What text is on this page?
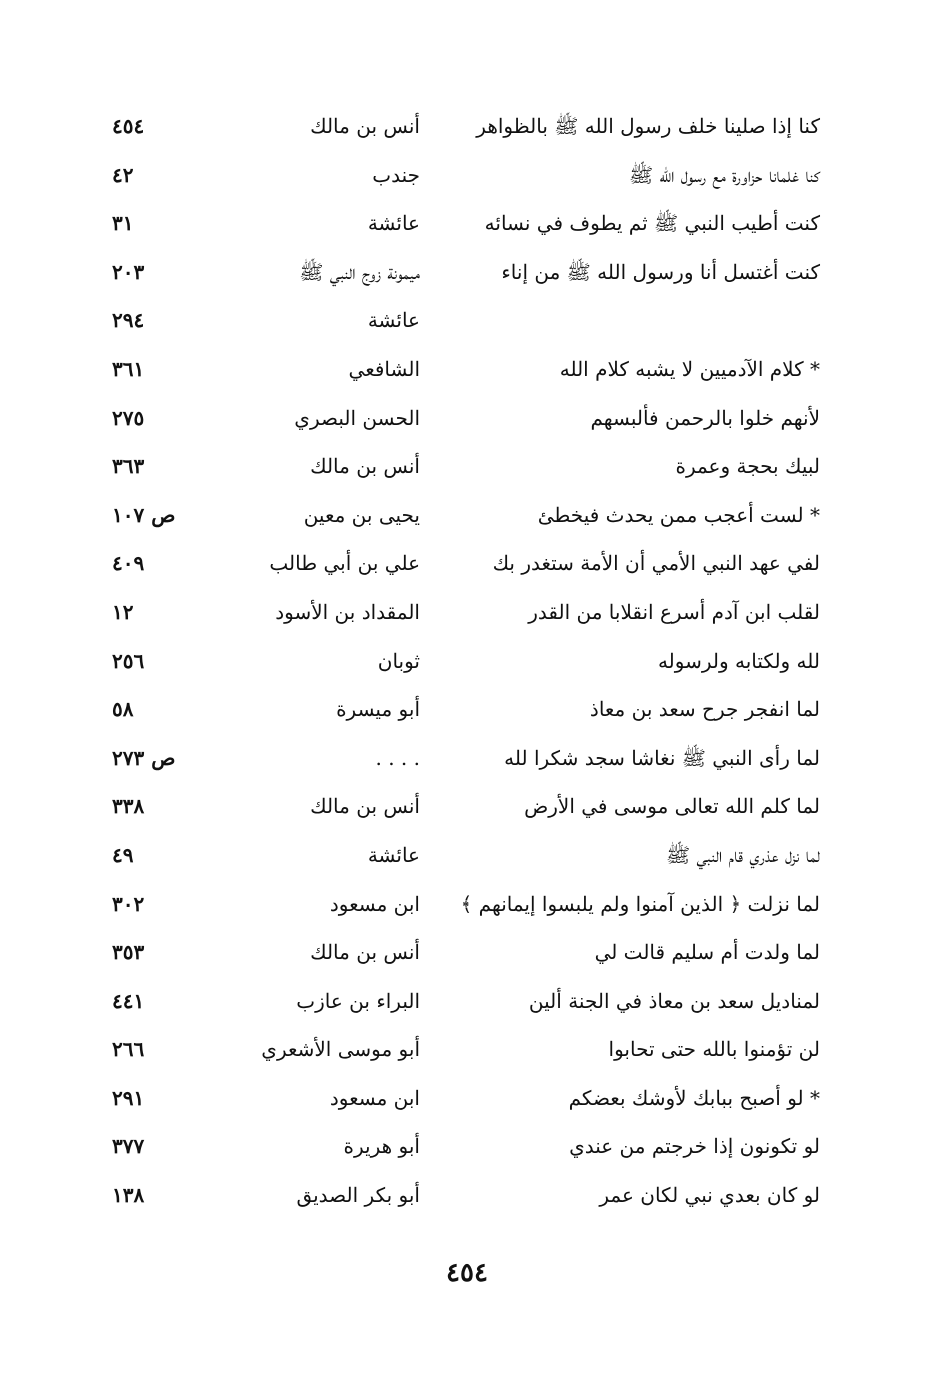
كنا إذا صلينا خلف رسول الله ﷺ بالظواهر
أنس بن مالك
٤٥٤
كنا غلمانا حزاورة مع رسول الله ﷺ
جندب
٤٢
كنت أطيب النبي ﷺ ثم يطوف في نسائه
عائشة
٣١
كنت أغتسل أنا ورسول الله ﷺ من إناء
ميمونة زوج النبي ﷺ
٢٠٣
عائشة
٢٩٤
* كلام الآدميين لا يشبه كلام الله
الشافعي
٣٦١
لأنهم خلوا بالرحمن فألبسهم
الحسن البصري
٢٧٥
لبيك بحجة وعمرة
أنس بن مالك
٣٦٣
* لست أعجب ممن يحدث فيخطئ
يحيى بن معين
ص ١٠٧
لفي عهد النبي الأمي أن الأمة ستغدر بك
علي بن أبي طالب
٤٠٩
لقلب ابن آدم أسرع انقلابا من القدر
المقداد بن الأسود
١٢
لله ولكتابه ولرسوله
ثوبان
٢٥٦
لما انفجر جرح سعد بن معاذ
أبو ميسرة
٥٨
لما رأى النبي ﷺ نغاشا سجد شكرا لله
. . . .
ص ٢٧٣
لما كلم الله تعالى موسى في الأرض
أنس بن مالك
٣٣٨
لما نزل عذري قام النبي ﷺ
عائشة
٤٩
لما نزلت ﴿ الذين آمنوا ولم يلبسوا إيمانهم ﴾
ابن مسعود
٣٠٢
لما ولدت أم سليم قالت لي
أنس بن مالك
٣٥٣
لمناديل سعد بن معاذ في الجنة ألين
البراء بن عازب
٤٤١
لن تؤمنوا بالله حتى تحابوا
أبو موسى الأشعري
٢٦٦
* لو أصبح ببابك لأوشك بعضكم
ابن مسعود
٢٩١
لو تكونون إذا خرجتم من عندي
أبو هريرة
٣٧٧
لو كان بعدي نبي لكان عمر
أبو بكر الصديق
١٣٨
٤٥٤
